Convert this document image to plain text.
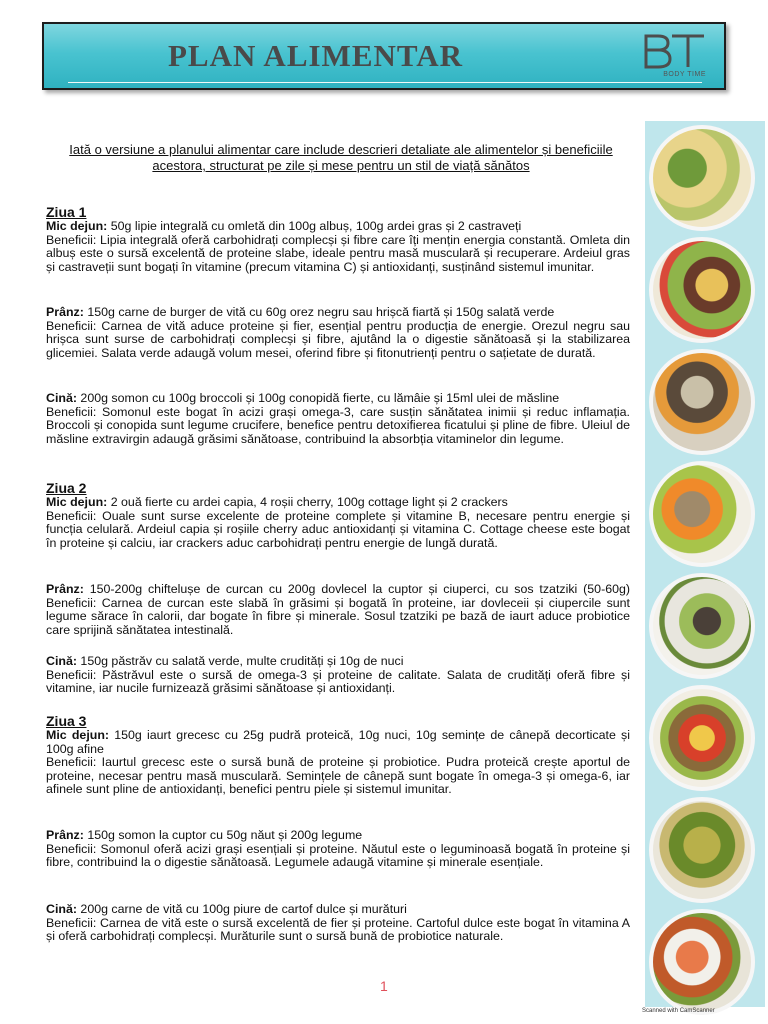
PLAN ALIMENTAR
BODY TIME
Iată o versiune a planului alimentar care include descrieri detaliate ale alimentelor și beneficiile acestora, structurat pe zile și mese pentru un stil de viață sănătos
Ziua 1
Mic dejun: 50g lipie integrală cu omletă din 100g albuș, 100g ardei gras și 2 castraveți
Beneficii: Lipia integrală oferă carbohidrați complecși și fibre care îți mențin energia constantă. Omleta din albuș este o sursă excelentă de proteine slabe, ideale pentru masă musculară și recuperare. Ardeiul gras și castraveții sunt bogați în vitamine (precum vitamina C) și antioxidanți, susținând sistemul imunitar.
Prânz: 150g carne de burger de vită cu 60g orez negru sau hrișcă fiartă și 150g salată verde
Beneficii: Carnea de vită aduce proteine și fier, esențial pentru producția de energie. Orezul negru sau hrișca sunt surse de carbohidrați complecși și fibre, ajutând la o digestie sănătoasă și la stabilizarea glicemiei. Salata verde adaugă volum mesei, oferind fibre și fitonutrienți pentru o sațietate de durată.
Cină: 200g somon cu 100g broccoli și 100g conopidă fierte, cu lămâie și 15ml ulei de măsline
Beneficii: Somonul este bogat în acizi grași omega-3, care susțin sănătatea inimii și reduc inflamația. Broccoli și conopida sunt legume crucifere, benefice pentru detoxifierea ficatului și pline de fibre. Uleiul de măsline extravirgin adaugă grăsimi sănătoase, contribuind la absorbția vitaminelor din legume.
Ziua 2
Mic dejun: 2 ouă fierte cu ardei capia, 4 roșii cherry, 100g cottage light și 2 crackers
Beneficii: Ouale sunt surse excelente de proteine complete și vitamine B, necesare pentru energie și funcția celulară. Ardeiul capia și roșiile cherry aduc antioxidanți și vitamina C. Cottage cheese este bogat în proteine și calciu, iar crackers aduc carbohidrați pentru energie de lungă durată.
Prânz: 150-200g chiftelușe de curcan cu 200g dovlecel la cuptor și ciuperci, cu sos tzatziki (50-60g) Beneficii: Carnea de curcan este slabă în grăsimi și bogată în proteine, iar dovleceii și ciupercile sunt legume sărace în calorii, dar bogate în fibre și minerale. Sosul tzatziki pe bază de iaurt aduce probiotice care sprijină sănătatea intestinală.
Cină: 150g păstrăv cu salată verde, multe crudități și 10g de nuci
Beneficii: Păstrăvul este o sursă de omega-3 și proteine de calitate. Salata de crudități oferă fibre și vitamine, iar nucile furnizează grăsimi sănătoase și antioxidanți.
Ziua 3
Mic dejun: 150g iaurt grecesc cu 25g pudră proteică, 10g nuci, 10g semințe de cânepă decorticate și 100g afine
Beneficii: Iaurtul grecesc este o sursă bună de proteine și probiotice. Pudra proteică crește aportul de proteine, necesar pentru masă musculară. Semințele de cânepă sunt bogate în omega-3 și omega-6, iar afinele sunt pline de antioxidanți, benefici pentru piele și sistemul imunitar.
Prânz: 150g somon la cuptor cu 50g năut și 200g legume
Beneficii: Somonul oferă acizi grași esențiali și proteine. Năutul este o leguminoasă bogată în proteine și fibre, contribuind la o digestie sănătoasă. Legumele adaugă vitamine și minerale esențiale.
Cină: 200g carne de vită cu 100g piure de cartof dulce și murături
Beneficii: Carnea de vită este o sursă excelentă de fier și proteine. Cartoful dulce este bogat în vitamina A și oferă carbohidrați complecși. Murăturile sunt o sursă bună de probiotice naturale.
1
Scanned with CamScanner
